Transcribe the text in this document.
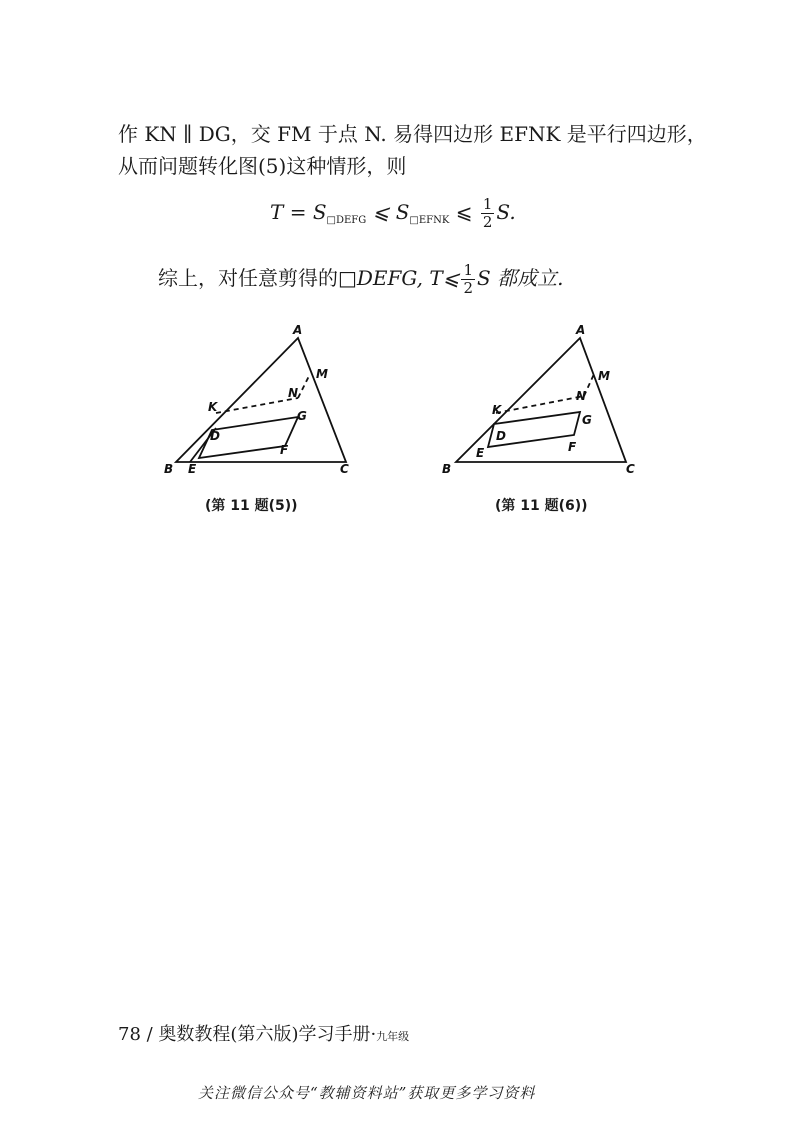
作 KN ∥ DG，交 FM 于点 N. 易得四边形 EFNK 是平行四边形，
从而问题转化图(5)这种情形，则
$T = S_{□DEFG}$ ⩽ $S_{□EFNK}$ ⩽ $\frac{1}{2} S$.
综上，对任意剪得的□DEFG, T⩽ $\frac{1}{2}$ S 都成立.
A
M
N
K
G
D
F
B E	C
(第 11 题(5))
A
M
N
K
G
D
E	F
B	C
(第 11 题(6))
78 / 奥数教程(第六版)学习手册·九年级
关注微信公众号“教辅资料站”获取更多学习资料
